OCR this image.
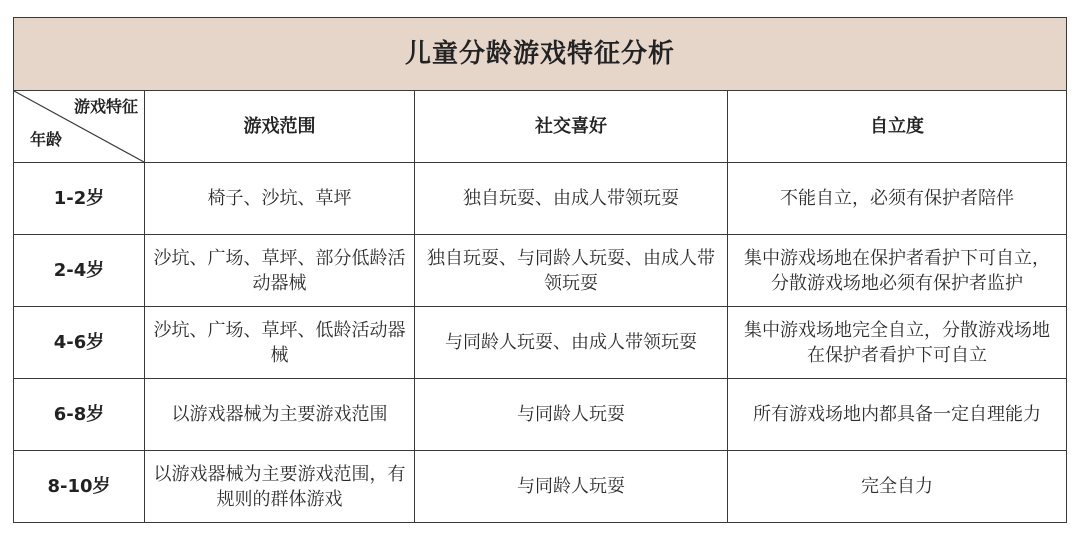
儿童分龄游戏特征分析			

游戏特征
年龄	游戏范围	社交喜好	自立度
1-2岁	椅子、沙坑、草坪	独自玩耍、由成人带领玩耍	不能自立，必须有保护者陪伴
2-4岁	沙坑、广场、草坪、部分低龄活动器械	独自玩耍、与同龄人玩耍、由成人带领玩耍	集中游戏场地在保护者看护下可自立，分散游戏场地必须有保护者监护
4-6岁	沙坑、广场、草坪、低龄活动器械	与同龄人玩耍、由成人带领玩耍	集中游戏场地完全自立，分散游戏场地在保护者看护下可自立
6-8岁	以游戏器械为主要游戏范围	与同龄人玩耍	所有游戏场地内都具备一定自理能力
8-10岁	以游戏器械为主要游戏范围，有规则的群体游戏	与同龄人玩耍	完全自力
